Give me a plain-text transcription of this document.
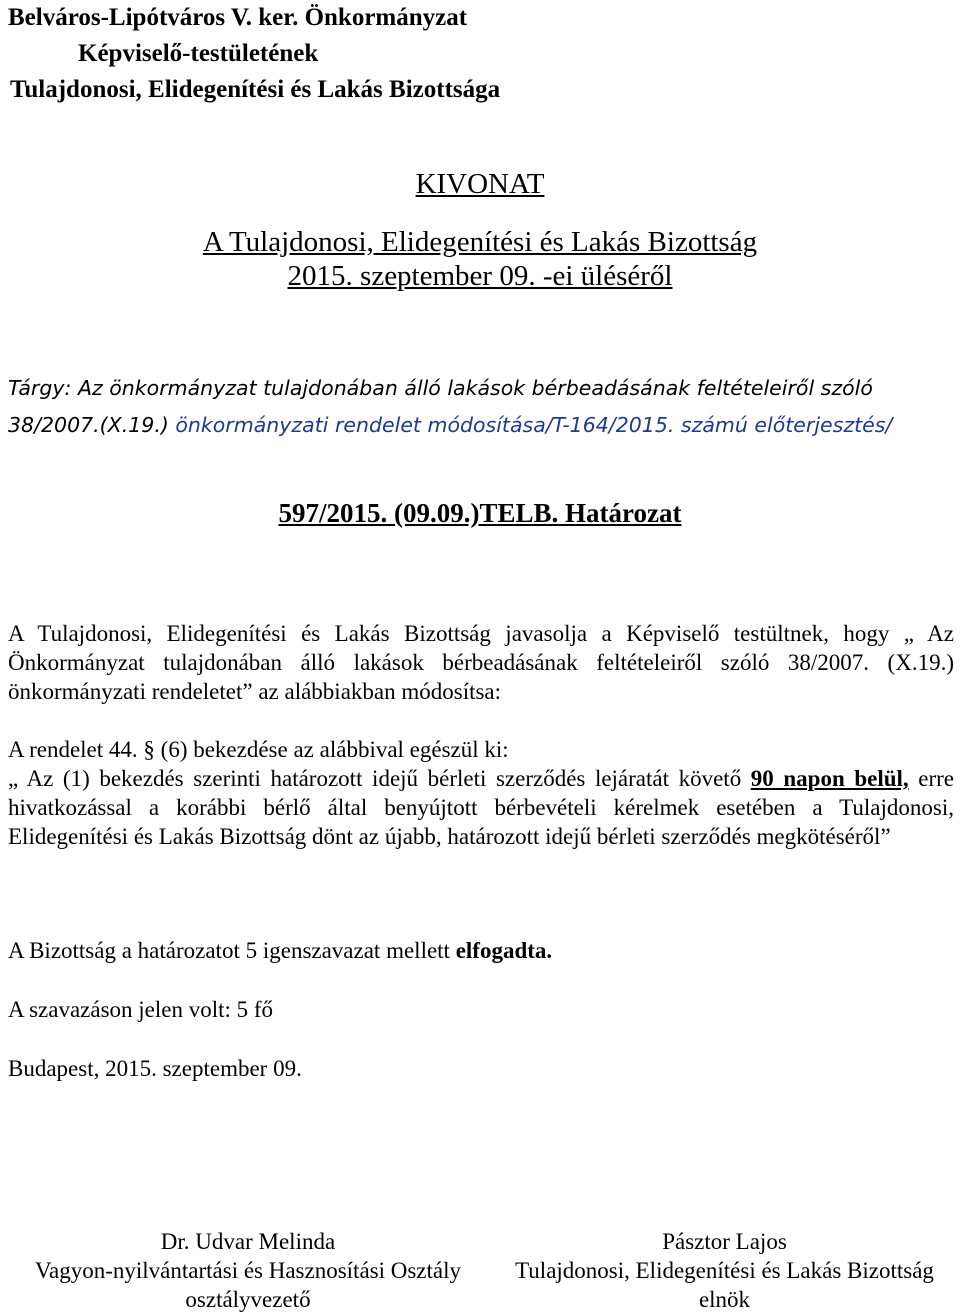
Belváros-Lipótváros V. ker. Önkormányzat
Képviselő-testületének
Tulajdonosi, Elidegenítési és Lakás Bizottsága
KIVONAT
A Tulajdonosi, Elidegenítési és Lakás Bizottság
2015. szeptember 09. -ei üléséről
Tárgy: Az önkormányzat tulajdonában álló lakások bérbeadásának feltételeiről szóló 38/2007.(X.19.) önkormányzati rendelet módosítása/T-164/2015. számú előterjesztés/
597/2015. (09.09.)TELB. Határozat
A Tulajdonosi, Elidegenítési és Lakás Bizottság javasolja a Képviselő testültnek, hogy „ Az Önkormányzat tulajdonában álló lakások bérbeadásának feltételeiről szóló 38/2007. (X.19.) önkormányzati rendeletet” az alábbiakban módosítsa:
A rendelet 44. § (6) bekezdése az alábbival egészül ki:
„ Az (1) bekezdés szerinti határozott idejű bérleti szerződés lejáratát követő 90 napon belül, erre hivatkozással a korábbi bérlő által benyújtott bérbevételi kérelmek esetében a Tulajdonosi, Elidegenítési és Lakás Bizottság dönt az újabb, határozott idejű bérleti szerződés megkötéséről”
A Bizottság a határozatot 5 igenszavazat mellett elfogadta.
A szavazáson jelen volt: 5 fő
Budapest, 2015. szeptember 09.
Dr. Udvar Melinda
Vagyon-nyilvántartási és Hasznosítási Osztály
osztályvezető
Pásztor Lajos
Tulajdonosi, Elidegenítési és Lakás Bizottság
elnök
